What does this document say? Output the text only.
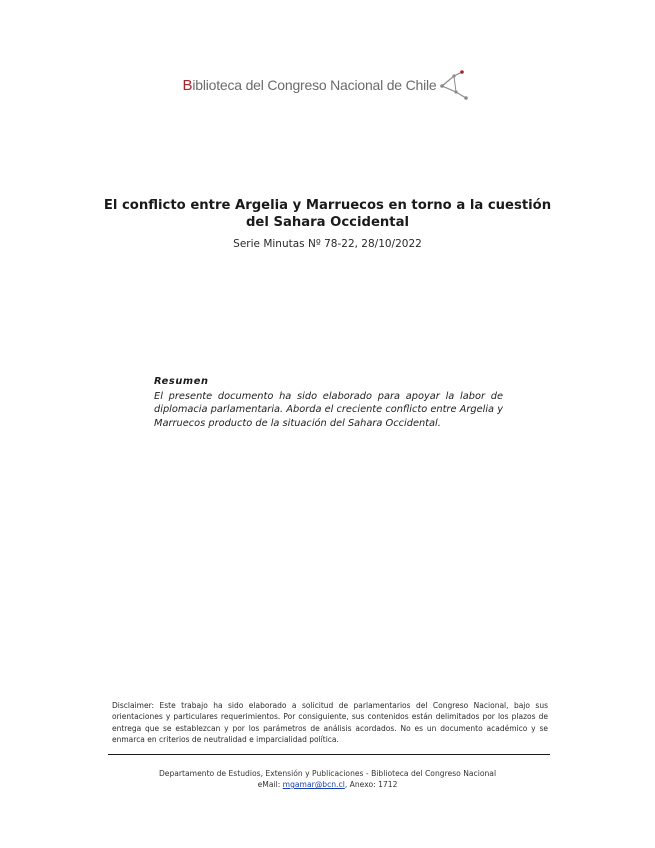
Biblioteca del Congreso Nacional de Chile
El conflicto entre Argelia y Marruecos en torno a la cuestión
del Sahara Occidental
Serie Minutas Nº 78-22, 28/10/2022

Resumen

El presente documento ha sido elaborado para apoyar la labor de diplomacia parlamentaria. Aborda el creciente conflicto entre Argelia y Marruecos producto de la situación del Sahara Occidental.

Disclaimer: Este trabajo ha sido elaborado a solicitud de parlamentarios del Congreso Nacional, bajo sus orientaciones y particulares requerimientos. Por consiguiente, sus contenidos están delimitados por los plazos de entrega que se establezcan y por los parámetros de análisis acordados. No es un documento académico y se enmarca en criterios de neutralidad e imparcialidad política.
Departamento de Estudios, Extensión y Publicaciones - Biblioteca del Congreso Nacional
eMail: mgamar@bcn.cl, Anexo: 1712
